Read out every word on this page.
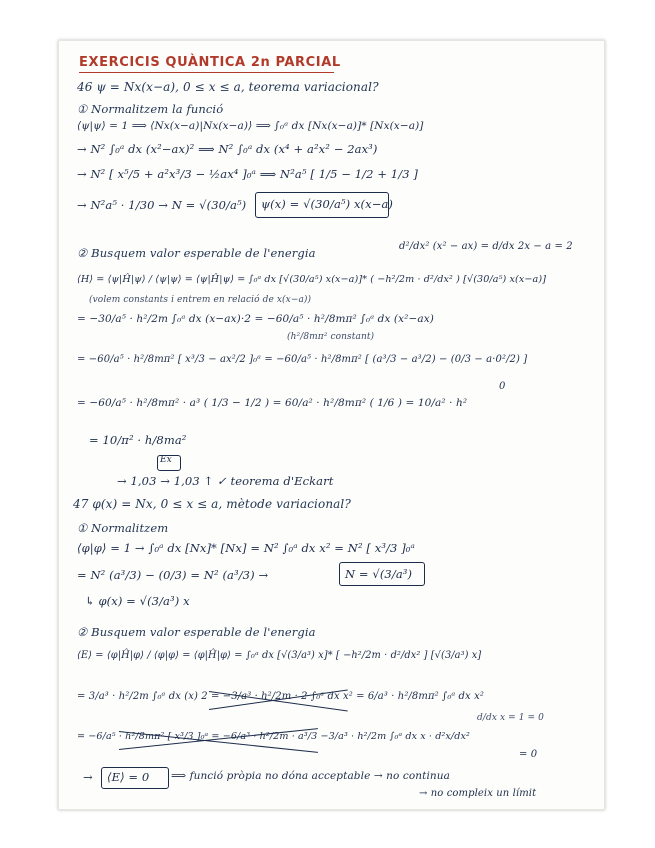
EXERCICIS QUÀNTICA 2n PARCIAL
46 ψ = Nx(x−a), 0 ≤ x ≤ a, teorema variacional?
① Normalitzem la funció
⟨ψ|ψ⟩ = 1 ⟹ ⟨Nx(x−a)|Nx(x−a)⟩ ⟹ ∫₀ᵃ dx [Nx(x−a)]* [Nx(x−a)]
→ N² ∫₀ᵃ dx (x²−ax)² ⟹ N² ∫₀ᵃ dx (x⁴ + a²x² − 2ax³)
→ N² [ x⁵/5 + a²x³/3 − ½ax⁴ ]₀ᵃ ⟹ N²a⁵ [ 1/5 − 1/2 + 1/3 ]
→ N²a⁵ · 1/30 → N = √(30/a⁵) ψ(x) = √(30/a⁵) x(x−a)
② Busquem valor esperable de l'energia	d²/dx² (x² − ax) = d/dx 2x − a = 2
⟨H⟩ = ⟨ψ|Ĥ|ψ⟩ / ⟨ψ|ψ⟩ = ⟨ψ|Ĥ|ψ⟩ = ∫₀ᵃ dx [√(30/a⁵) x(x−a)]* ( −h²/2m · d²/dx² ) [√(30/a⁵) x(x−a)]
(volem constants i entrem en relació de x(x−a))
= −30/a⁵ · h²/2m ∫₀ᵃ dx (x−ax)·2 = −60/a⁵ · h²/8mπ² ∫₀ᵃ dx (x²−ax)
(h²/8mπ² constant)
= −60/a⁵ · h²/8mπ² [ x³/3 − ax²/2 ]₀ᵃ = −60/a⁵ · h²/8mπ² [ (a³/3 − a³/2) − (0/3 − a·0²/2) ]
= −60/a⁵ · h²/8mπ² · a³ ( 1/3 − 1/2 ) = 60/a² · h²/8mπ² ( 1/6 ) = 10/a² · h²
0
= 10/π² · h/8ma²
Ex
→ 1,03 → 1,03 ↑ ✓ teorema d'Eckart
47 φ(x) = Nx, 0 ≤ x ≤ a, mètode variacional?
① Normalitzem
⟨φ|φ⟩ = 1 → ∫₀ᵃ dx [Nx]* [Nx] = N² ∫₀ᵃ dx x² = N² [ x³/3 ]₀ᵃ
= N² (a³/3) − (0/3) = N² (a³/3) →	N = √(3/a³)
↳ φ(x) = √(3/a³) x
② Busquem valor esperable de l'energia
⟨E⟩ = ⟨φ|Ĥ|φ⟩ / ⟨φ|φ⟩ = ⟨φ|Ĥ|φ⟩ = ∫₀ᵃ dx [√(3/a³) x]* [ −h²/2m · d²/dx² ] [√(3/a³) x]
= 3/a³ · h²/2m ∫₀ᵃ dx (x) 2 = −3/a³ · h²/2m · 2 ∫₀ᵃ dx x² = 6/a³ · h²/8mπ² ∫₀ᵃ dx x²
d/dx x = 1 = 0
= −6/a⁵ · h²/8mπ² [ x³/3 ]₀ᵃ = −6/a³ · h²/2m · a³/3 −3/a³ · h²/2m ∫₀ᵃ dx x · d²x/dx²
= 0
→ ⟨E⟩ = 0 ⟹ funció pròpia no dóna acceptable → no continua
→ no compleix un límit
